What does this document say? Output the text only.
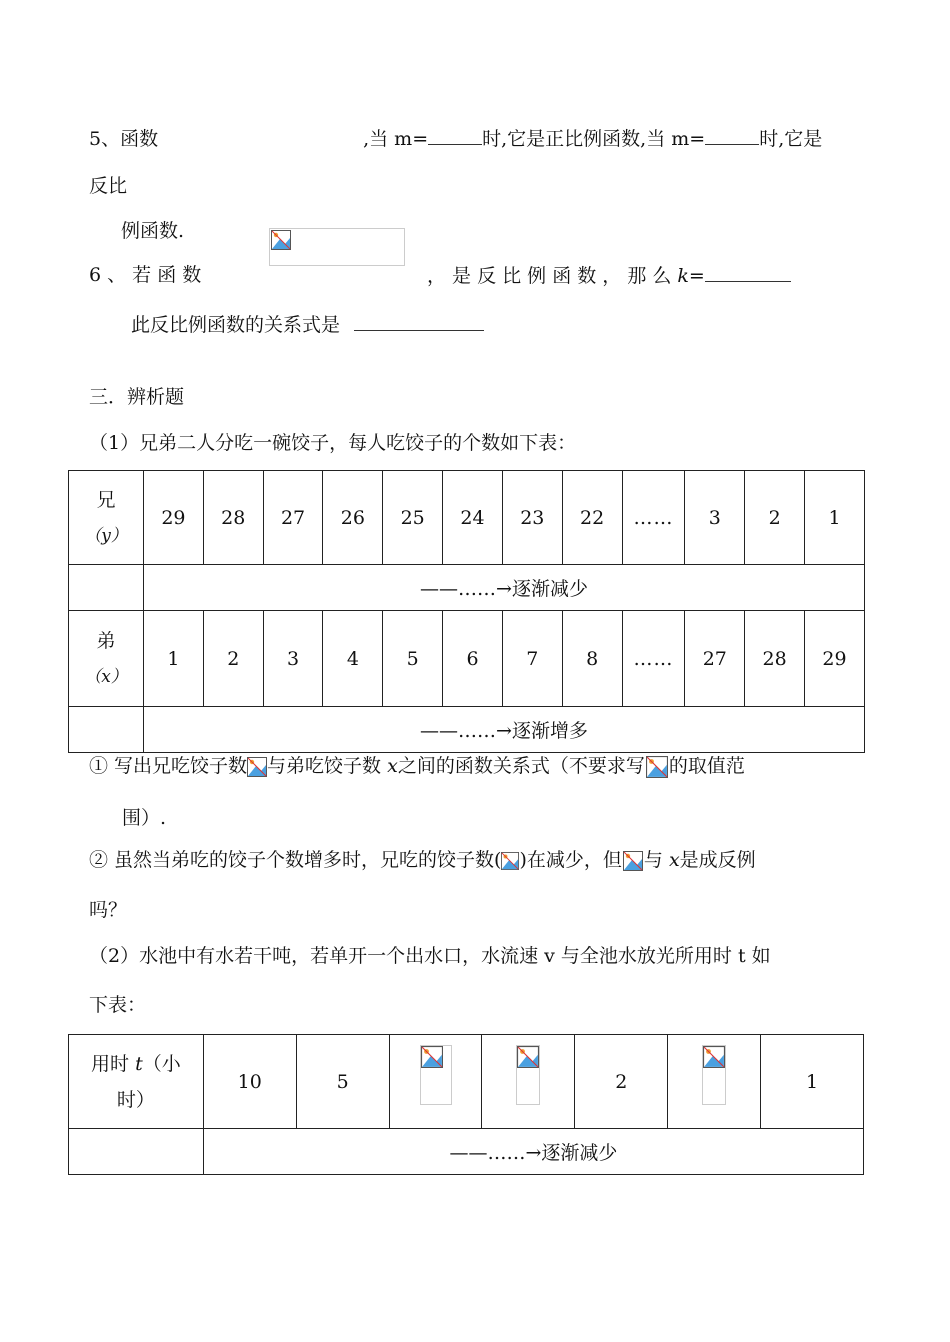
5、函数	,当 m=	时,它是正比例函数,当 m=	时,它是
反比
例函数.
6 、 若 函 数	， 是 反 比 例 函 数 ， 那 么 k=
此反比例函数的关系式是
三．辨析题
（1）兄弟二人分吃一碗饺子，每人吃饺子的个数如下表：
兄
（y）	29	28	27	26	25	24	23	22	……	3	2	1
	——……→逐渐减少											

弟
（x）	1	2	3	4	5	6	7	8	……	27	28	29
	——……→逐渐增多											
① 写出兄吃饺子数 与弟吃饺子数 x之间的函数关系式（不要求写 的取值范
围）.
② 虽然当弟吃的饺子个数增多时，兄吃的饺子数( )在减少，但 与 x是成反例
吗？
（2）水池中有水若干吨，若单开一个出水口，水流速 v 与全池水放光所用时 t 如
下表：
用时 t（小
时）	10	5			2		1
	——……→逐渐减少						
